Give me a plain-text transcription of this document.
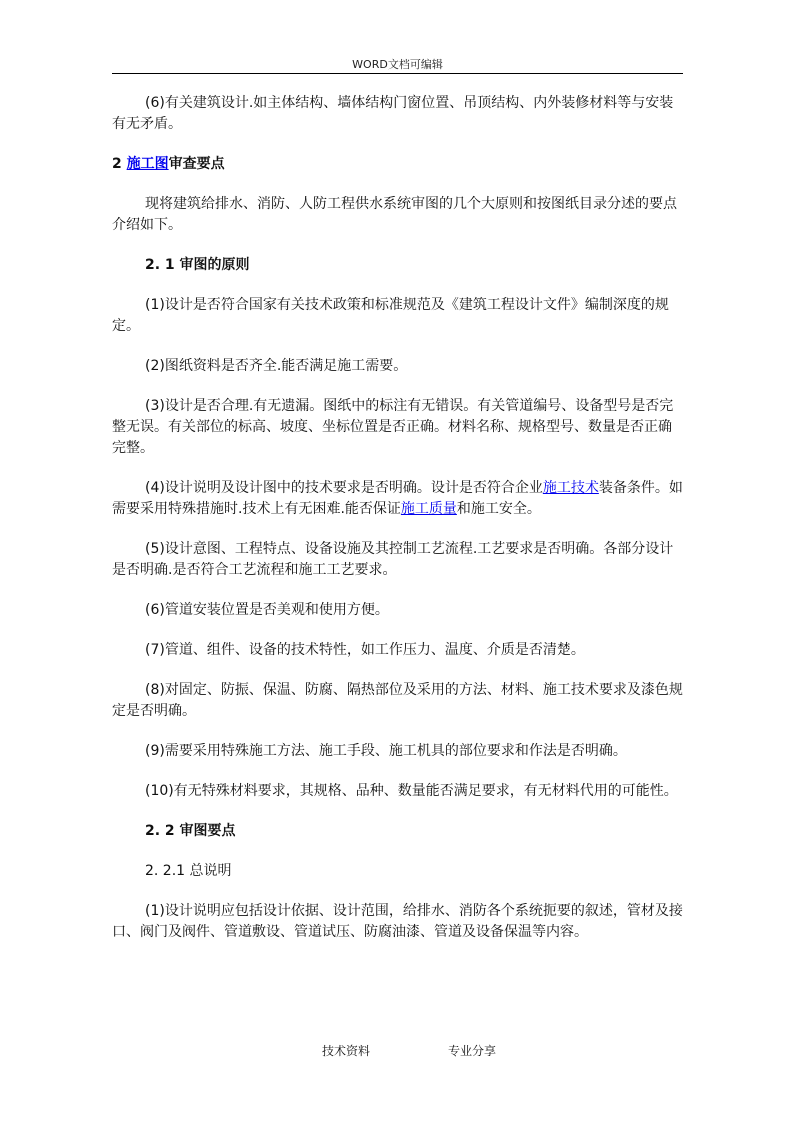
WORD文档可编辑

(6)有关建筑设计.如主体结构、墙体结构门窗位置、吊顶结构、内外装修材料等与安装有无矛盾。

2 施工图审查要点

现将建筑给排水、消防、人防工程供水系统审图的几个大原则和按图纸目录分述的要点介绍如下。

2. 1 审图的原则

(1)设计是否符合国家有关技术政策和标准规范及《建筑工程设计文件》编制深度的规定。

(2)图纸资料是否齐全.能否满足施工需要。

(3)设计是否合理.有无遗漏。图纸中的标注有无错误。有关管道编号、设备型号是否完整无误。有关部位的标高、坡度、坐标位置是否正确。材料名称、规格型号、数量是否正确完整。

(4)设计说明及设计图中的技术要求是否明确。设计是否符合企业施工技术装备条件。如需要采用特殊措施时.技术上有无困难.能否保证施工质量和施工安全。

(5)设计意图、工程特点、设备设施及其控制工艺流程.工艺要求是否明确。各部分设计是否明确.是否符合工艺流程和施工工艺要求。

(6)管道安装位置是否美观和使用方便。

(7)管道、组件、设备的技术特性，如工作压力、温度、介质是否清楚。

(8)对固定、防振、保温、防腐、隔热部位及采用的方法、材料、施工技术要求及漆色规定是否明确。

(9)需要采用特殊施工方法、施工手段、施工机具的部位要求和作法是否明确。

(10)有无特殊材料要求，其规格、品种、数量能否满足要求，有无材料代用的可能性。

2. 2 审图要点

2. 2.1 总说明

(1)设计说明应包括设计依据、设计范围，给排水、消防各个系统扼要的叙述，管材及接口、阀门及阀件、管道敷设、管道试压、防腐油漆、管道及设备保温等内容。

技术资料	专业分享
